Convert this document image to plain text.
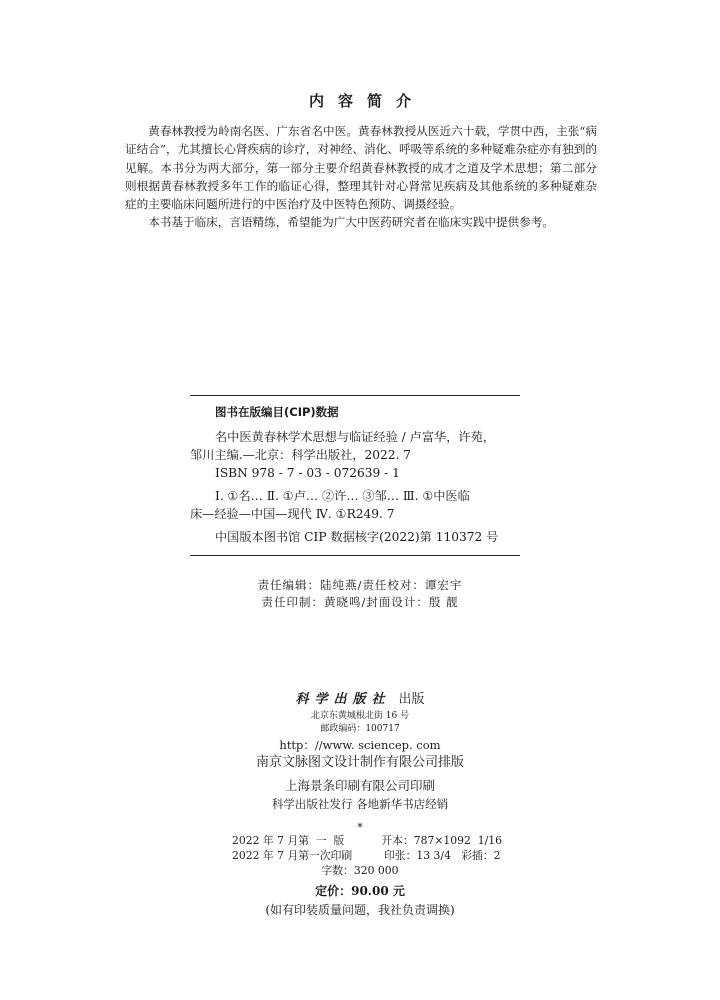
内容简介

黄春林教授为岭南名医、广东省名中医。黄春林教授从医近六十载，学贯中西，主张“病证结合”，尤其擅长心肾疾病的诊疗，对神经、消化、呼吸等系统的多种疑难杂症亦有独到的见解。本书分为两大部分，第一部分主要介绍黄春林教授的成才之道及学术思想；第二部分则根据黄春林教授多年工作的临证心得，整理其针对心肾常见疾病及其他系统的多种疑难杂症的主要临床问题所进行的中医治疗及中医特色预防、调摄经验。

本书基于临床，言语精练，希望能为广大中医药研究者在临床实践中提供参考。

图书在版编目(CIP)数据
名中医黄春林学术思想与临证经验 / 卢富华，许苑，
邹川主编.—北京：科学出版社，2022. 7
ISBN 978 - 7 - 03 - 072639 - 1
Ⅰ. ①名… Ⅱ. ①卢… ②许… ③邹… Ⅲ. ①中医临
床—经验—中国—现代 Ⅳ. ①R249. 7
中国版本图书馆 CIP 数据核字(2022)第 110372 号
责任编辑：陆纯燕/责任校对：谭宏宇
责任印制：黄晓鸣/封面设计：殷 靓
科学出版社 出版
北京东黄城根北街 16 号
邮政编码：100717
http：//www. sciencep. com
南京文脉图文设计制作有限公司排版
上海景条印刷有限公司印刷
科学出版社发行 各地新华书店经销
*
2022 年 7 月第  一  版	开本：787×1092  1/16
2022 年 7 月第一次印刷	印张：13 3/4   彩插：2
字数：320 000
定价：90.00 元
(如有印装质量问题，我社负责调换)
